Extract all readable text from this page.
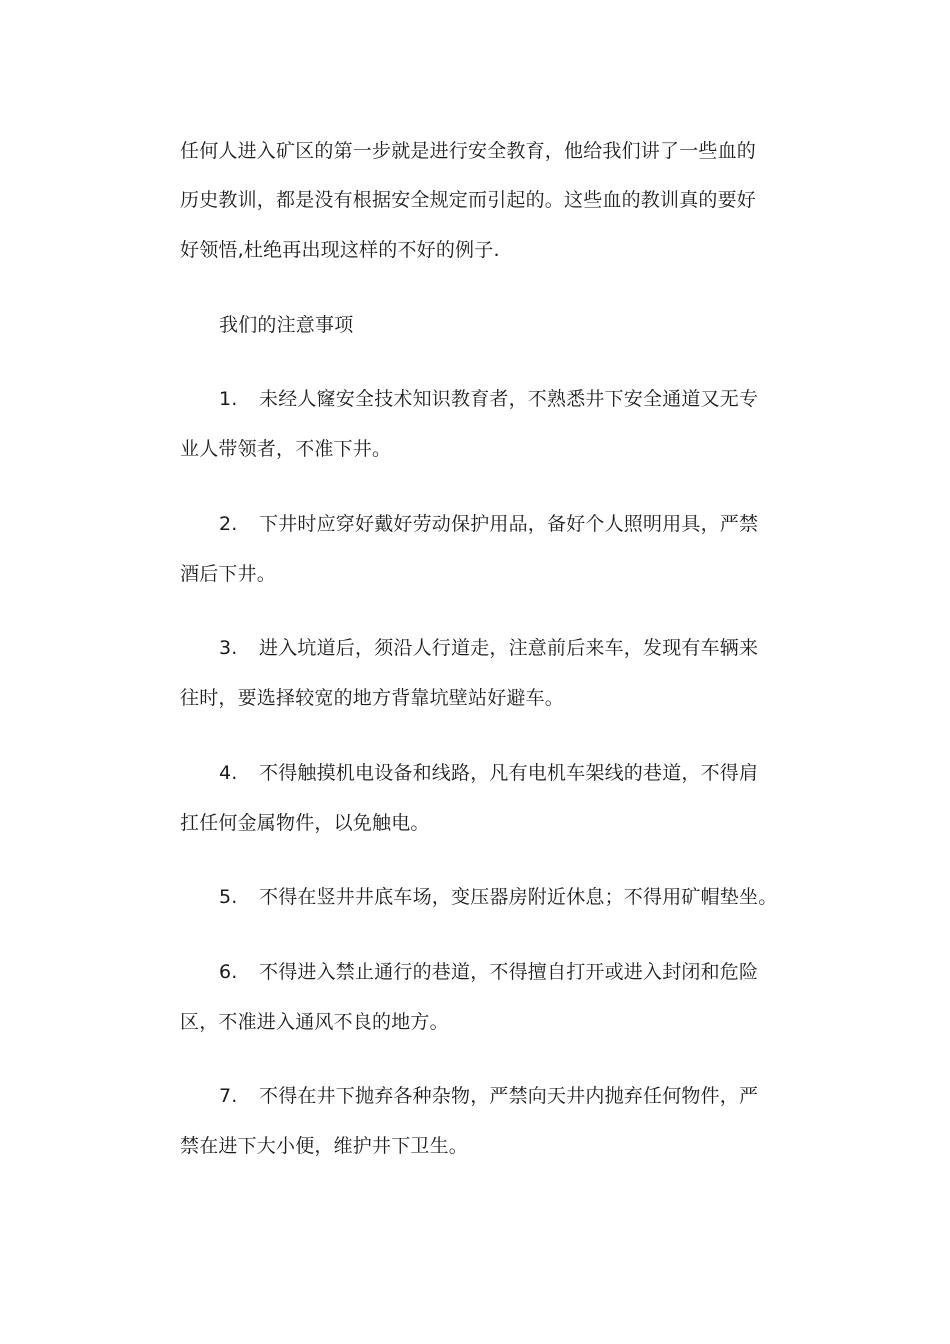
任何人进入矿区的第一步就是进行安全教育，他给我们讲了一些血的
历史教训，都是没有根据安全规定而引起的。这些血的教训真的要好
好领悟,杜绝再出现这样的不好的例子.
我们的注意事项
1. 未经人窿安全技术知识教育者，不熟悉井下安全通道又无专
业人带领者，不准下井。
2. 下井时应穿好戴好劳动保护用品，备好个人照明用具，严禁
酒后下井。
3. 进入坑道后，须沿人行道走，注意前后来车，发现有车辆来
往时，要选择较宽的地方背靠坑壁站好避车。
4. 不得触摸机电设备和线路，凡有电机车架线的巷道，不得肩
扛任何金属物件，以免触电。
5. 不得在竖井井底车场，变压器房附近休息；不得用矿帽垫坐。
6. 不得进入禁止通行的巷道，不得擅自打开或进入封闭和危险
区，不准进入通风不良的地方。
7. 不得在井下抛弃各种杂物，严禁向天井内抛弃任何物件，严
禁在进下大小便，维护井下卫生。
